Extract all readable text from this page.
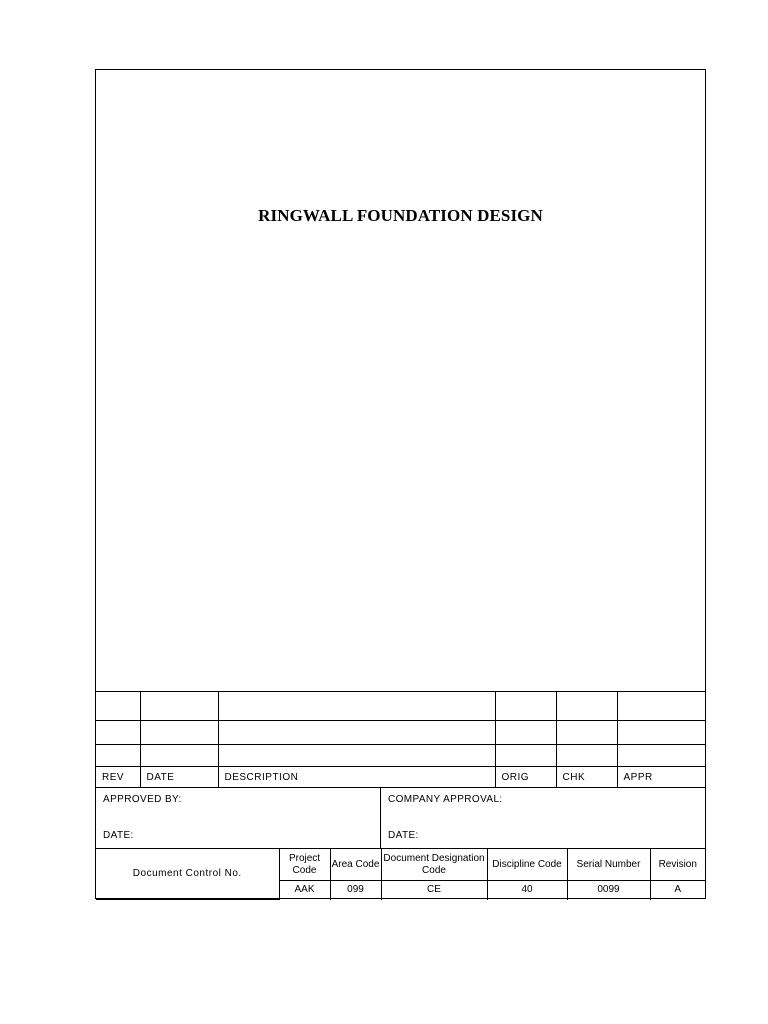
RINGWALL FOUNDATION DESIGN

REV	DATE	DESCRIPTION	ORIG	CHK	APPR
APPROVED BY:
DATE:
COMPANY APPROVAL:
DATE:
Document Control No.	Project Code	Area Code	Document Designation Code	Discipline Code	Serial Number	Revision
	AAK	099	CE	40	0099	A
